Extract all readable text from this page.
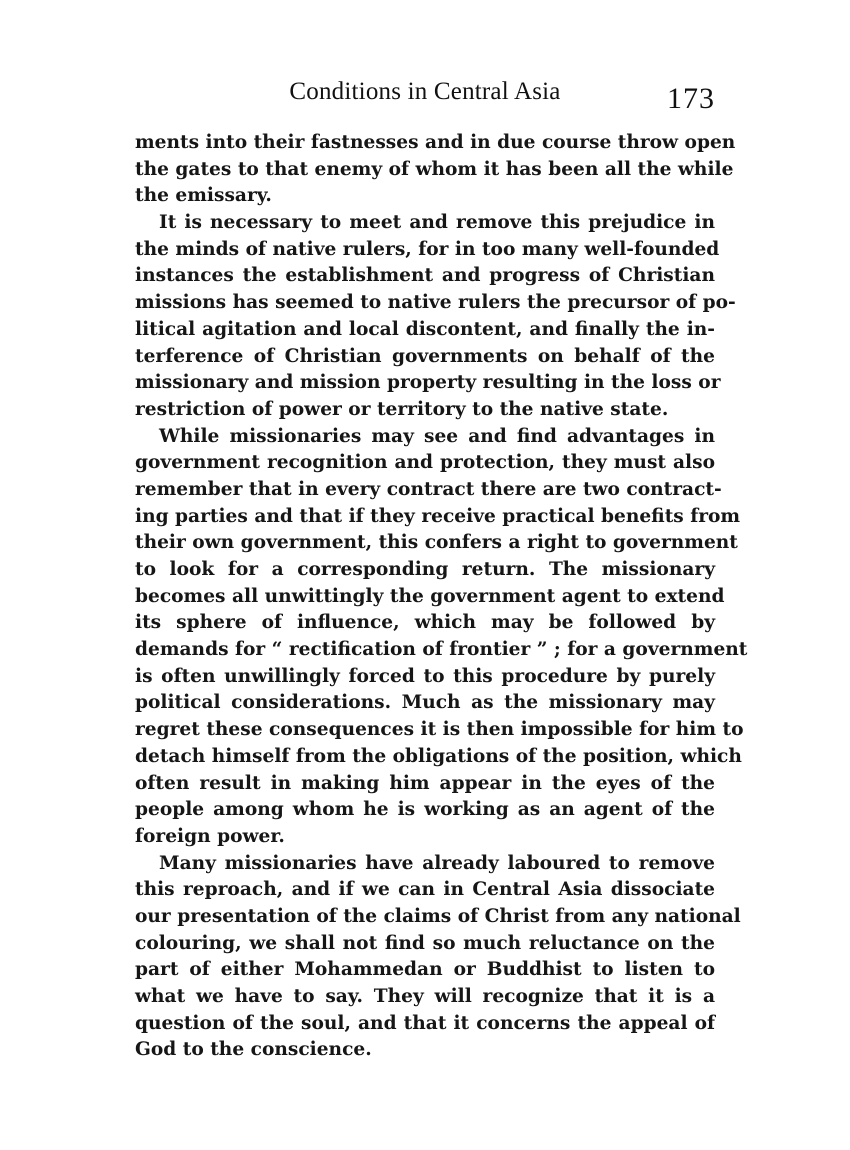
Conditions in Central Asia	173
ments into their fastnesses and in due course throw open
the gates to that enemy of whom it has been all the while
the emissary.
It is necessary to meet and remove this prejudice in
the minds of native rulers, for in too many well-founded
instances the establishment and progress of Christian
missions has seemed to native rulers the precursor of po-
litical agitation and local discontent, and finally the in-
terference of Christian governments on behalf of the
missionary and mission property resulting in the loss or
restriction of power or territory to the native state.
While missionaries may see and find advantages in
government recognition and protection, they must also
remember that in every contract there are two contract-
ing parties and that if they receive practical benefits from
their own government, this confers a right to government
to look for a corresponding return. The missionary
becomes all unwittingly the government agent to extend
its sphere of influence, which may be followed by
demands for “ rectification of frontier ” ; for a government
is often unwillingly forced to this procedure by purely
political considerations. Much as the missionary may
regret these consequences it is then impossible for him to
detach himself from the obligations of the position, which
often result in making him appear in the eyes of the
people among whom he is working as an agent of the
foreign power.
Many missionaries have already laboured to remove
this reproach, and if we can in Central Asia dissociate
our presentation of the claims of Christ from any national
colouring, we shall not find so much reluctance on the
part of either Mohammedan or Buddhist to listen to
what we have to say. They will recognize that it is a
question of the soul, and that it concerns the appeal of
God to the conscience.
